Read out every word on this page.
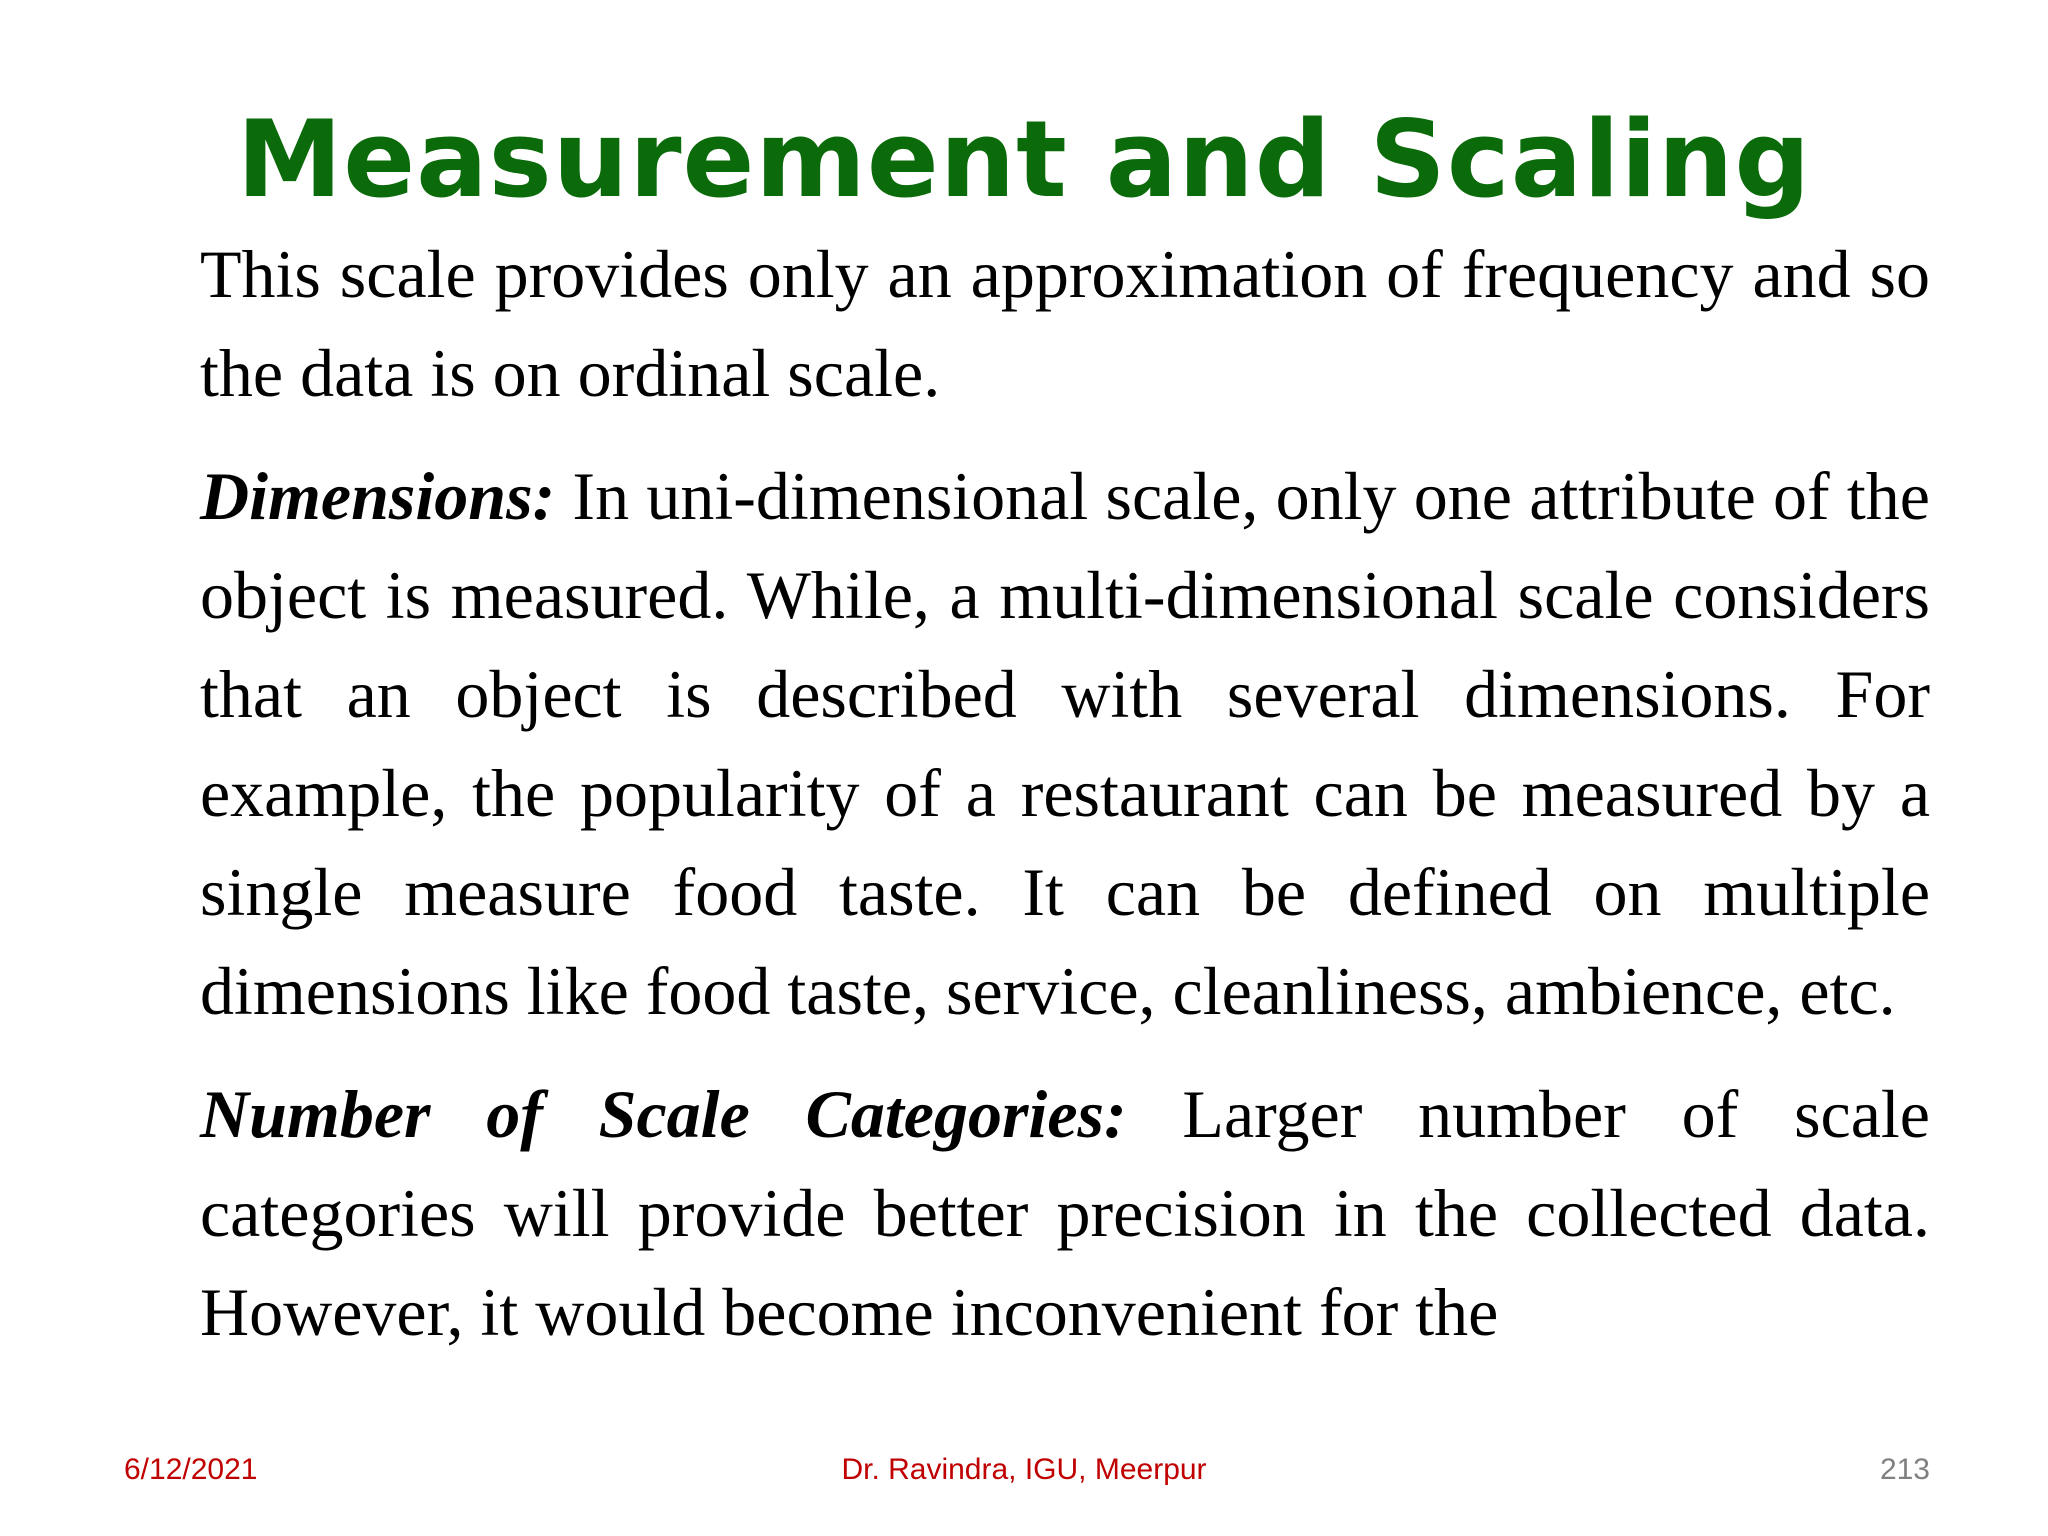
Measurement and Scaling

This scale provides only an approximation of frequency and so the data is on ordinal scale.

Dimensions: In uni-dimensional scale, only one attribute of the object is measured. While, a multi-dimensional scale considers that an object is described with several dimensions. For example, the popularity of a restaurant can be measured by a single measure food taste. It can be defined on multiple dimensions like food taste, service, cleanliness, ambience, etc.

Number of Scale Categories: Larger number of scale categories will provide better precision in the collected data. However, it would become inconvenient for the

6/12/2021	Dr. Ravindra, IGU, Meerpur	213
